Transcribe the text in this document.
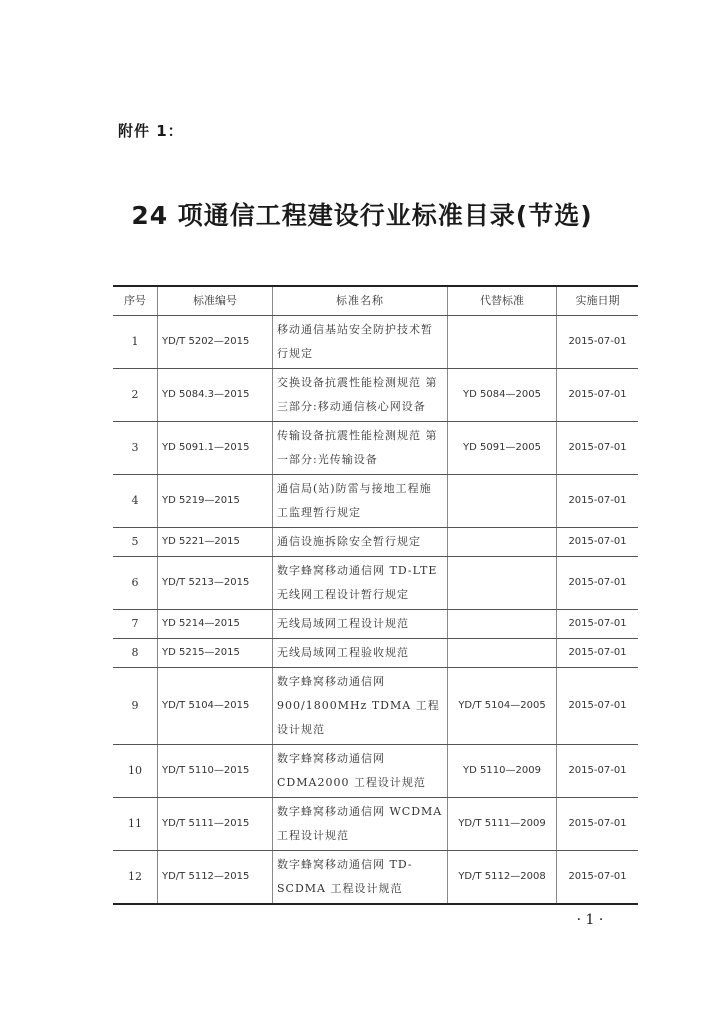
附件 1：
24 项通信工程建设行业标准目录(节选)
序号	标准编号	标准名称	代替标准	实施日期
1	YD/T 5202—2015	移动通信基站安全防护技术暂行规定		2015-07-01
2	YD 5084.3—2015	交换设备抗震性能检测规范 第三部分:移动通信核心网设备	YD 5084—2005	2015-07-01
3	YD 5091.1—2015	传输设备抗震性能检测规范 第一部分:光传输设备	YD 5091—2005	2015-07-01
4	YD 5219—2015	通信局(站)防雷与接地工程施工监理暂行规定		2015-07-01
5	YD 5221—2015	通信设施拆除安全暂行规定		2015-07-01
6	YD/T 5213—2015	数字蜂窝移动通信网 TD-LTE 无线网工程设计暂行规定		2015-07-01
7	YD 5214—2015	无线局域网工程设计规范		2015-07-01
8	YD 5215—2015	无线局域网工程验收规范		2015-07-01
9	YD/T 5104—2015	数字蜂窝移动通信网 900/1800MHz TDMA 工程设计规范	YD/T 5104—2005	2015-07-01
10	YD/T 5110—2015	数字蜂窝移动通信网 CDMA2000 工程设计规范	YD 5110—2009	2015-07-01
11	YD/T 5111—2015	数字蜂窝移动通信网 WCDMA 工程设计规范	YD/T 5111—2009	2015-07-01
12	YD/T 5112—2015	数字蜂窝移动通信网 TD-SCDMA 工程设计规范	YD/T 5112—2008	2015-07-01
· 1 ·
